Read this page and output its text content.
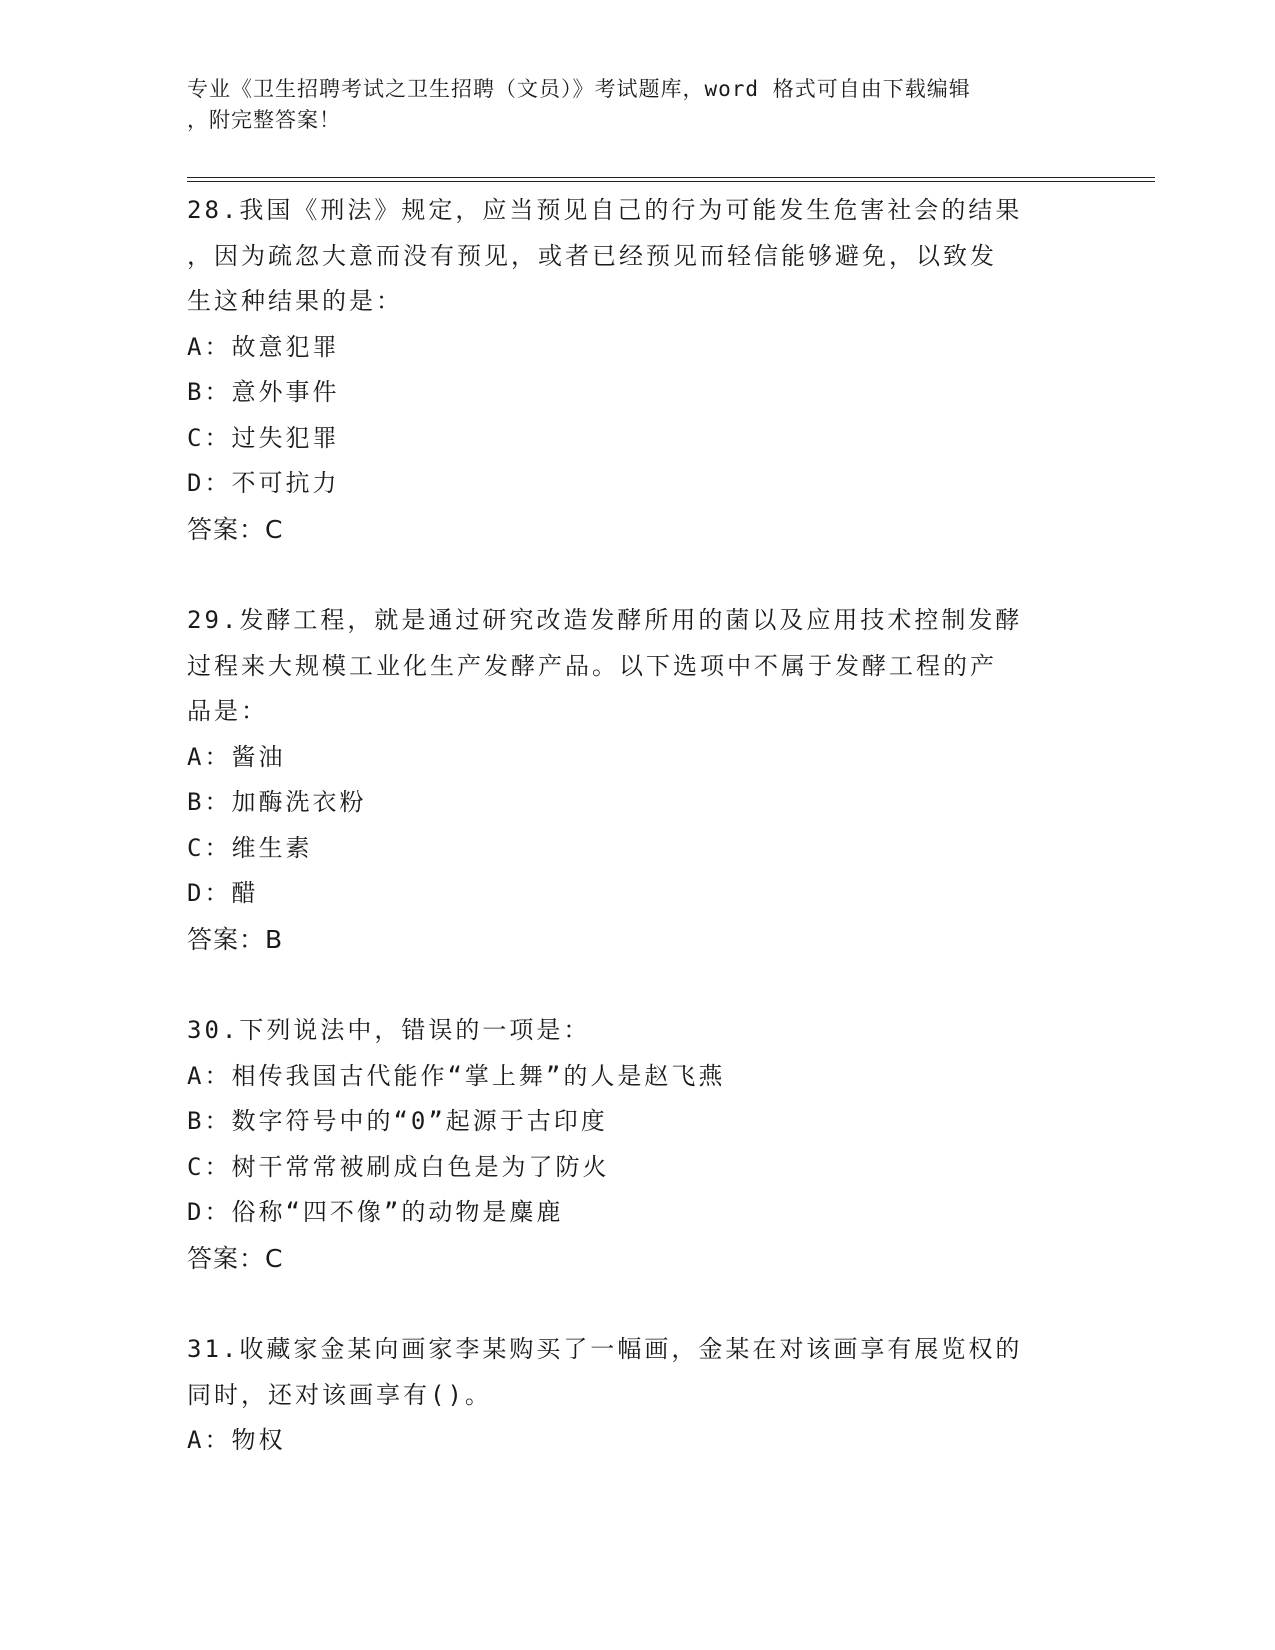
专业《卫生招聘考试之卫生招聘（文员）》考试题库，word 格式可自由下载编辑
，附完整答案！
28.我国《刑法》规定，应当预见自己的行为可能发生危害社会的结果
，因为疏忽大意而没有预见，或者已经预见而轻信能够避免，以致发
生这种结果的是：
A：故意犯罪
B：意外事件
C：过失犯罪
D：不可抗力
答案：C
29.发酵工程，就是通过研究改造发酵所用的菌以及应用技术控制发酵
过程来大规模工业化生产发酵产品。以下选项中不属于发酵工程的产
品是：
A：酱油
B：加酶洗衣粉
C：维生素
D：醋
答案：B
30.下列说法中，错误的一项是：
A：相传我国古代能作“掌上舞”的人是赵飞燕
B：数字符号中的“0”起源于古印度
C：树干常常被刷成白色是为了防火
D：俗称“四不像”的动物是麋鹿
答案：C
31.收藏家金某向画家李某购买了一幅画，金某在对该画享有展览权的
同时，还对该画享有()。
A：物权
